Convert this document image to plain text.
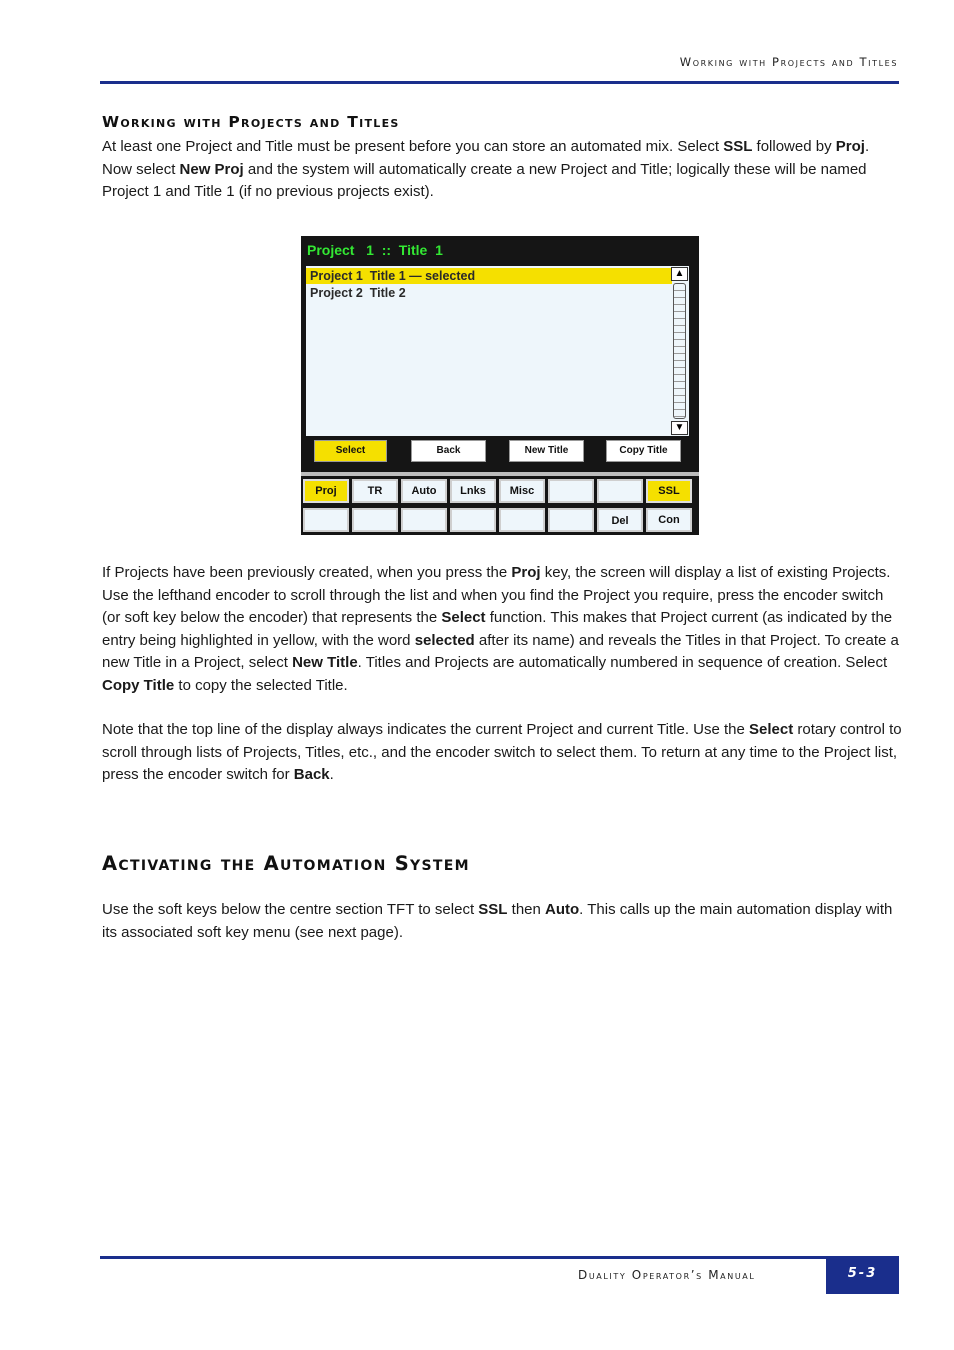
Working with Projects and Titles
Working with Projects and Titles
At least one Project and Title must be present before you can store an automated mix. Select SSL followed by Proj. Now select New Proj and the system will automatically create a new Project and Title; logically these will be named Project 1 and Title 1 (if no previous projects exist).
Project   1  ::  Title  1
Project 1  Title 1 — selected
Project 2  Title 2
▲
▼
Select	Back	New Title	Copy Title
Proj	TR	Auto	Lnks	Misc	SSL
Del	Con
If Projects have been previously created, when you press the Proj key, the screen will display a list of existing Projects. Use the lefthand encoder to scroll through the list and when you find the Project you require, press the encoder switch (or soft key below the encoder) that represents the Select function. This makes that Project current (as indicated by the entry being highlighted in yellow, with the word selected after its name) and reveals the Titles in that Project. To create a new Title in a Project, select New Title. Titles and Projects are automatically numbered in sequence of creation. Select Copy Title to copy the selected Title.
Note that the top line of the display always indicates the current Project and current Title. Use the Select rotary control to scroll through lists of Projects, Titles, etc., and the encoder switch to select them. To return at any time to the Project list, press the encoder switch for Back.
Activating the Automation System
Use the soft keys below the centre section TFT to select SSL then Auto. This calls up the main automation display with its associated soft key menu (see next page).
Duality Operator’s Manual	5-3
